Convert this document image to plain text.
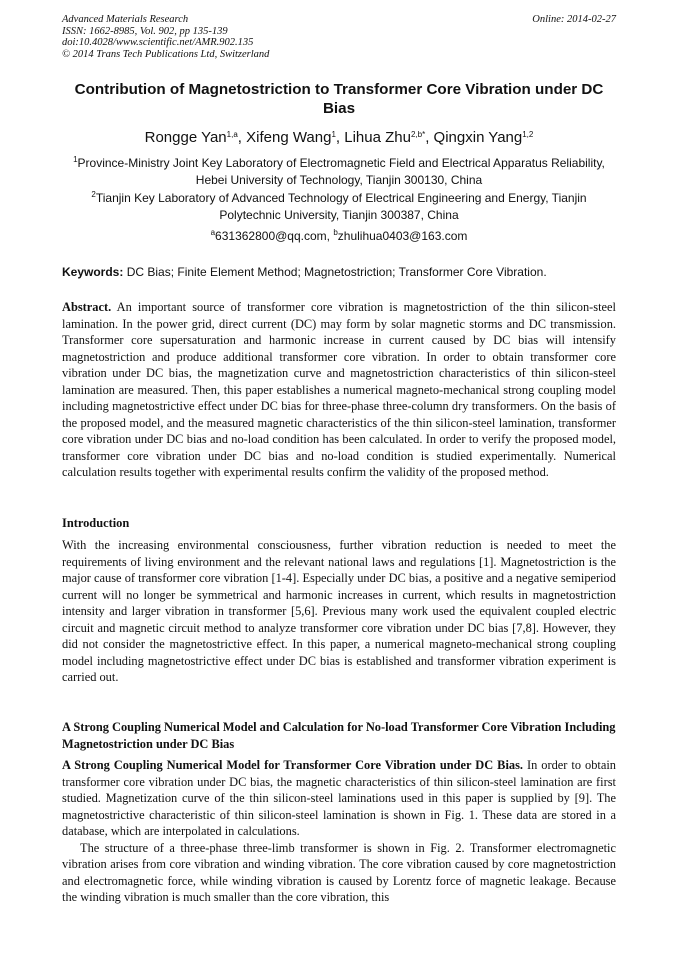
Advanced Materials Research
ISSN: 1662-8985, Vol. 902, pp 135-139
doi:10.4028/www.scientific.net/AMR.902.135
© 2014 Trans Tech Publications Ltd, Switzerland
Online: 2014-02-27
Contribution of Magnetostriction to Transformer Core Vibration under DC Bias
Rongge Yan$^{1,a}$, Xifeng Wang$^1$, Lihua Zhu$^{2,b*}$, Qingxin Yang$^{1,2}$
$^1$Province-Ministry Joint Key Laboratory of Electromagnetic Field and Electrical Apparatus Reliability, Hebei University of Technology, Tianjin 300130, China
$^2$Tianjin Key Laboratory of Advanced Technology of Electrical Engineering and Energy, Tianjin Polytechnic University, Tianjin 300387, China
$^a$631362800@qq.com, $^b$zhulihua0403@163.com
Keywords: DC Bias; Finite Element Method; Magnetostriction; Transformer Core Vibration.
Abstract. An important source of transformer core vibration is magnetostriction of the thin silicon-steel lamination. In the power grid, direct current (DC) may form by solar magnetic storms and DC transmission. Transformer core supersaturation and harmonic increase in current caused by DC bias will intensify magnetostriction and produce additional transformer core vibration. In order to obtain transformer core vibration under DC bias, the magnetization curve and magnetostriction characteristics of thin silicon-steel lamination are measured. Then, this paper establishes a numerical magneto-mechanical strong coupling model including magnetostrictive effect under DC bias for three-phase three-column dry transformers. On the basis of the proposed model, and the measured magnetic characteristics of the thin silicon-steel lamination, transformer core vibration under DC bias and no-load condition has been calculated. In order to verify the proposed model, transformer core vibration under DC bias and no-load condition is studied experimentally. Numerical calculation results together with experimental results confirm the validity of the proposed method.
Introduction
With the increasing environmental consciousness, further vibration reduction is needed to meet the requirements of living environment and the relevant national laws and regulations [1]. Magnetostriction is the major cause of transformer core vibration [1-4]. Especially under DC bias, a positive and a negative semiperiod current will no longer be symmetrical and harmonic increases in current, which results in magnetostriction intensity and larger vibration in transformer [5,6]. Previous many work used the equivalent coupled electric circuit and magnetic circuit method to analyze transformer core vibration under DC bias [7,8]. However, they did not consider the magnetostrictive effect. In this paper, a numerical magneto-mechanical strong coupling model including magnetostrictive effect under DC bias is established and transformer vibration experiment is carried out.
A Strong Coupling Numerical Model and Calculation for No-load Transformer Core Vibration Including Magnetostriction under DC Bias
A Strong Coupling Numerical Model for Transformer Core Vibration under DC Bias. In order to obtain transformer core vibration under DC bias, the magnetic characteristics of thin silicon-steel lamination are first studied. Magnetization curve of the thin silicon-steel laminations used in this paper is supplied by [9]. The magnetostrictive characteristic of thin silicon-steel lamination is shown in Fig. 1. These data are stored in a database, which are interpolated in calculations.
The structure of a three-phase three-limb transformer is shown in Fig. 2. Transformer electromagnetic vibration arises from core vibration and winding vibration. The core vibration caused by core magnetostriction and electromagnetic force, while winding vibration is caused by Lorentz force of magnetic leakage. Because the winding vibration is much smaller than the core vibration, this
